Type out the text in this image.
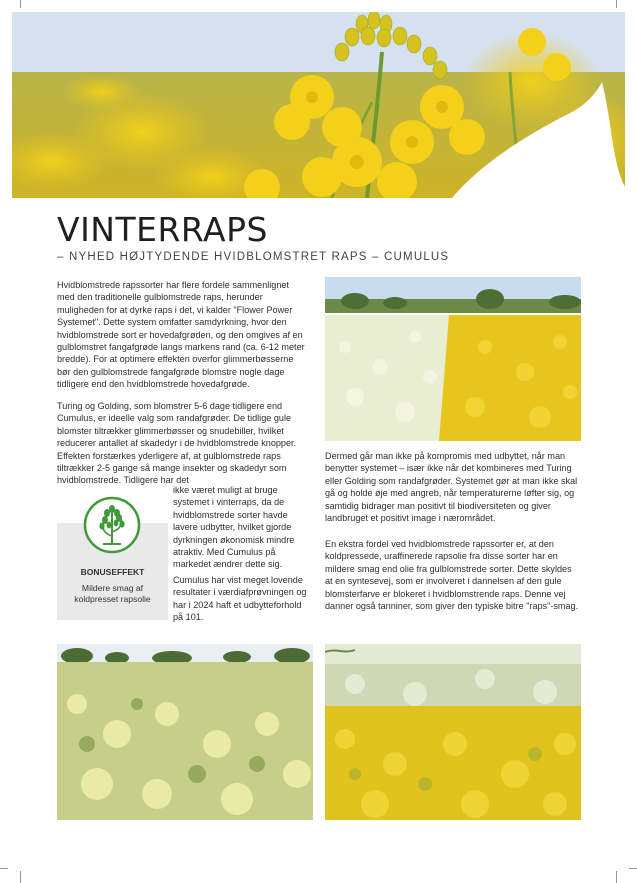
VINTERRAPS

– NYHED HØJTYDENDE HVIDBLOMSTRET RAPS – CUMULUS

Hvidblomstrede rapssorter har flere fordele sammenlignet med den traditionelle gulblomstrede raps, herunder muligheden for at dyrke raps i det, vi kalder "Flower Power Systemet". Dette system omfatter samdyrkning, hvor den hvidblomstrede sort er hovedafgrøden, og den omgives af en gulblomstret fangafgrøde langs markens rand (ca. 6-12 meter bredde). For at optimere effekten overfor glimmerbøsserne bør den gulblomstrede fangafgrøde blomstre nogle dage tidligere end den hvidblomstrede hovedafgrøde.

Turing og Golding, som blomstrer 5-6 dage tidligere end Cumulus, er ideelle valg som randafgrøder. De tidlige gule blomster tiltrækker glimmerbøsser og snudebiller, hvilket reducerer antallet af skadedyr i de hvidblomstrede knopper. Effekten forstærkes yderligere af, at gulblomstrede raps tiltrækker 2-5 gange så mange insekter og skadedyr som hvidblomstrede. Tidligere har det

ikke været muligt at bruge systemet i vinterraps, da de hvidblomstrede sorter havde lavere udbytter, hvilket gjorde dyrkningen økonomisk mindre atraktiv. Med Cumulus på markedet ændrer dette sig.

Cumulus har vist meget lovende resultater i værdiafprøvningen og har i 2024 haft et udbytteforhold på 101.

BONUSEFFEKT
Mildere smag af koldpresset rapsolie

Dermed går man ikke på kompromis med udbyttet, når man benytter systemet – især ikke når det kombineres med Turing eller Golding som randafgrøder. Systemet gør at man ikke skal gå og holde øje med angreb, når temperaturerne løfter sig, og samtidig bidrager man positivt til biodiversiteten og giver landbruget et positivt image i nærområdet.

En ekstra fordel ved hvidblomstrede rapssorter er, at den koldpressede, uraffinerede rapsolie fra disse sorter har en mildere smag end olie fra gulblomstrede sorter. Dette skyldes at en syntesevej, som er involveret i dannelsen af den gule blomsterfarve er blokeret i hvidblomstrende raps. Denne vej danner også tanniner, som giver den typiske bitre "raps"-smag.
